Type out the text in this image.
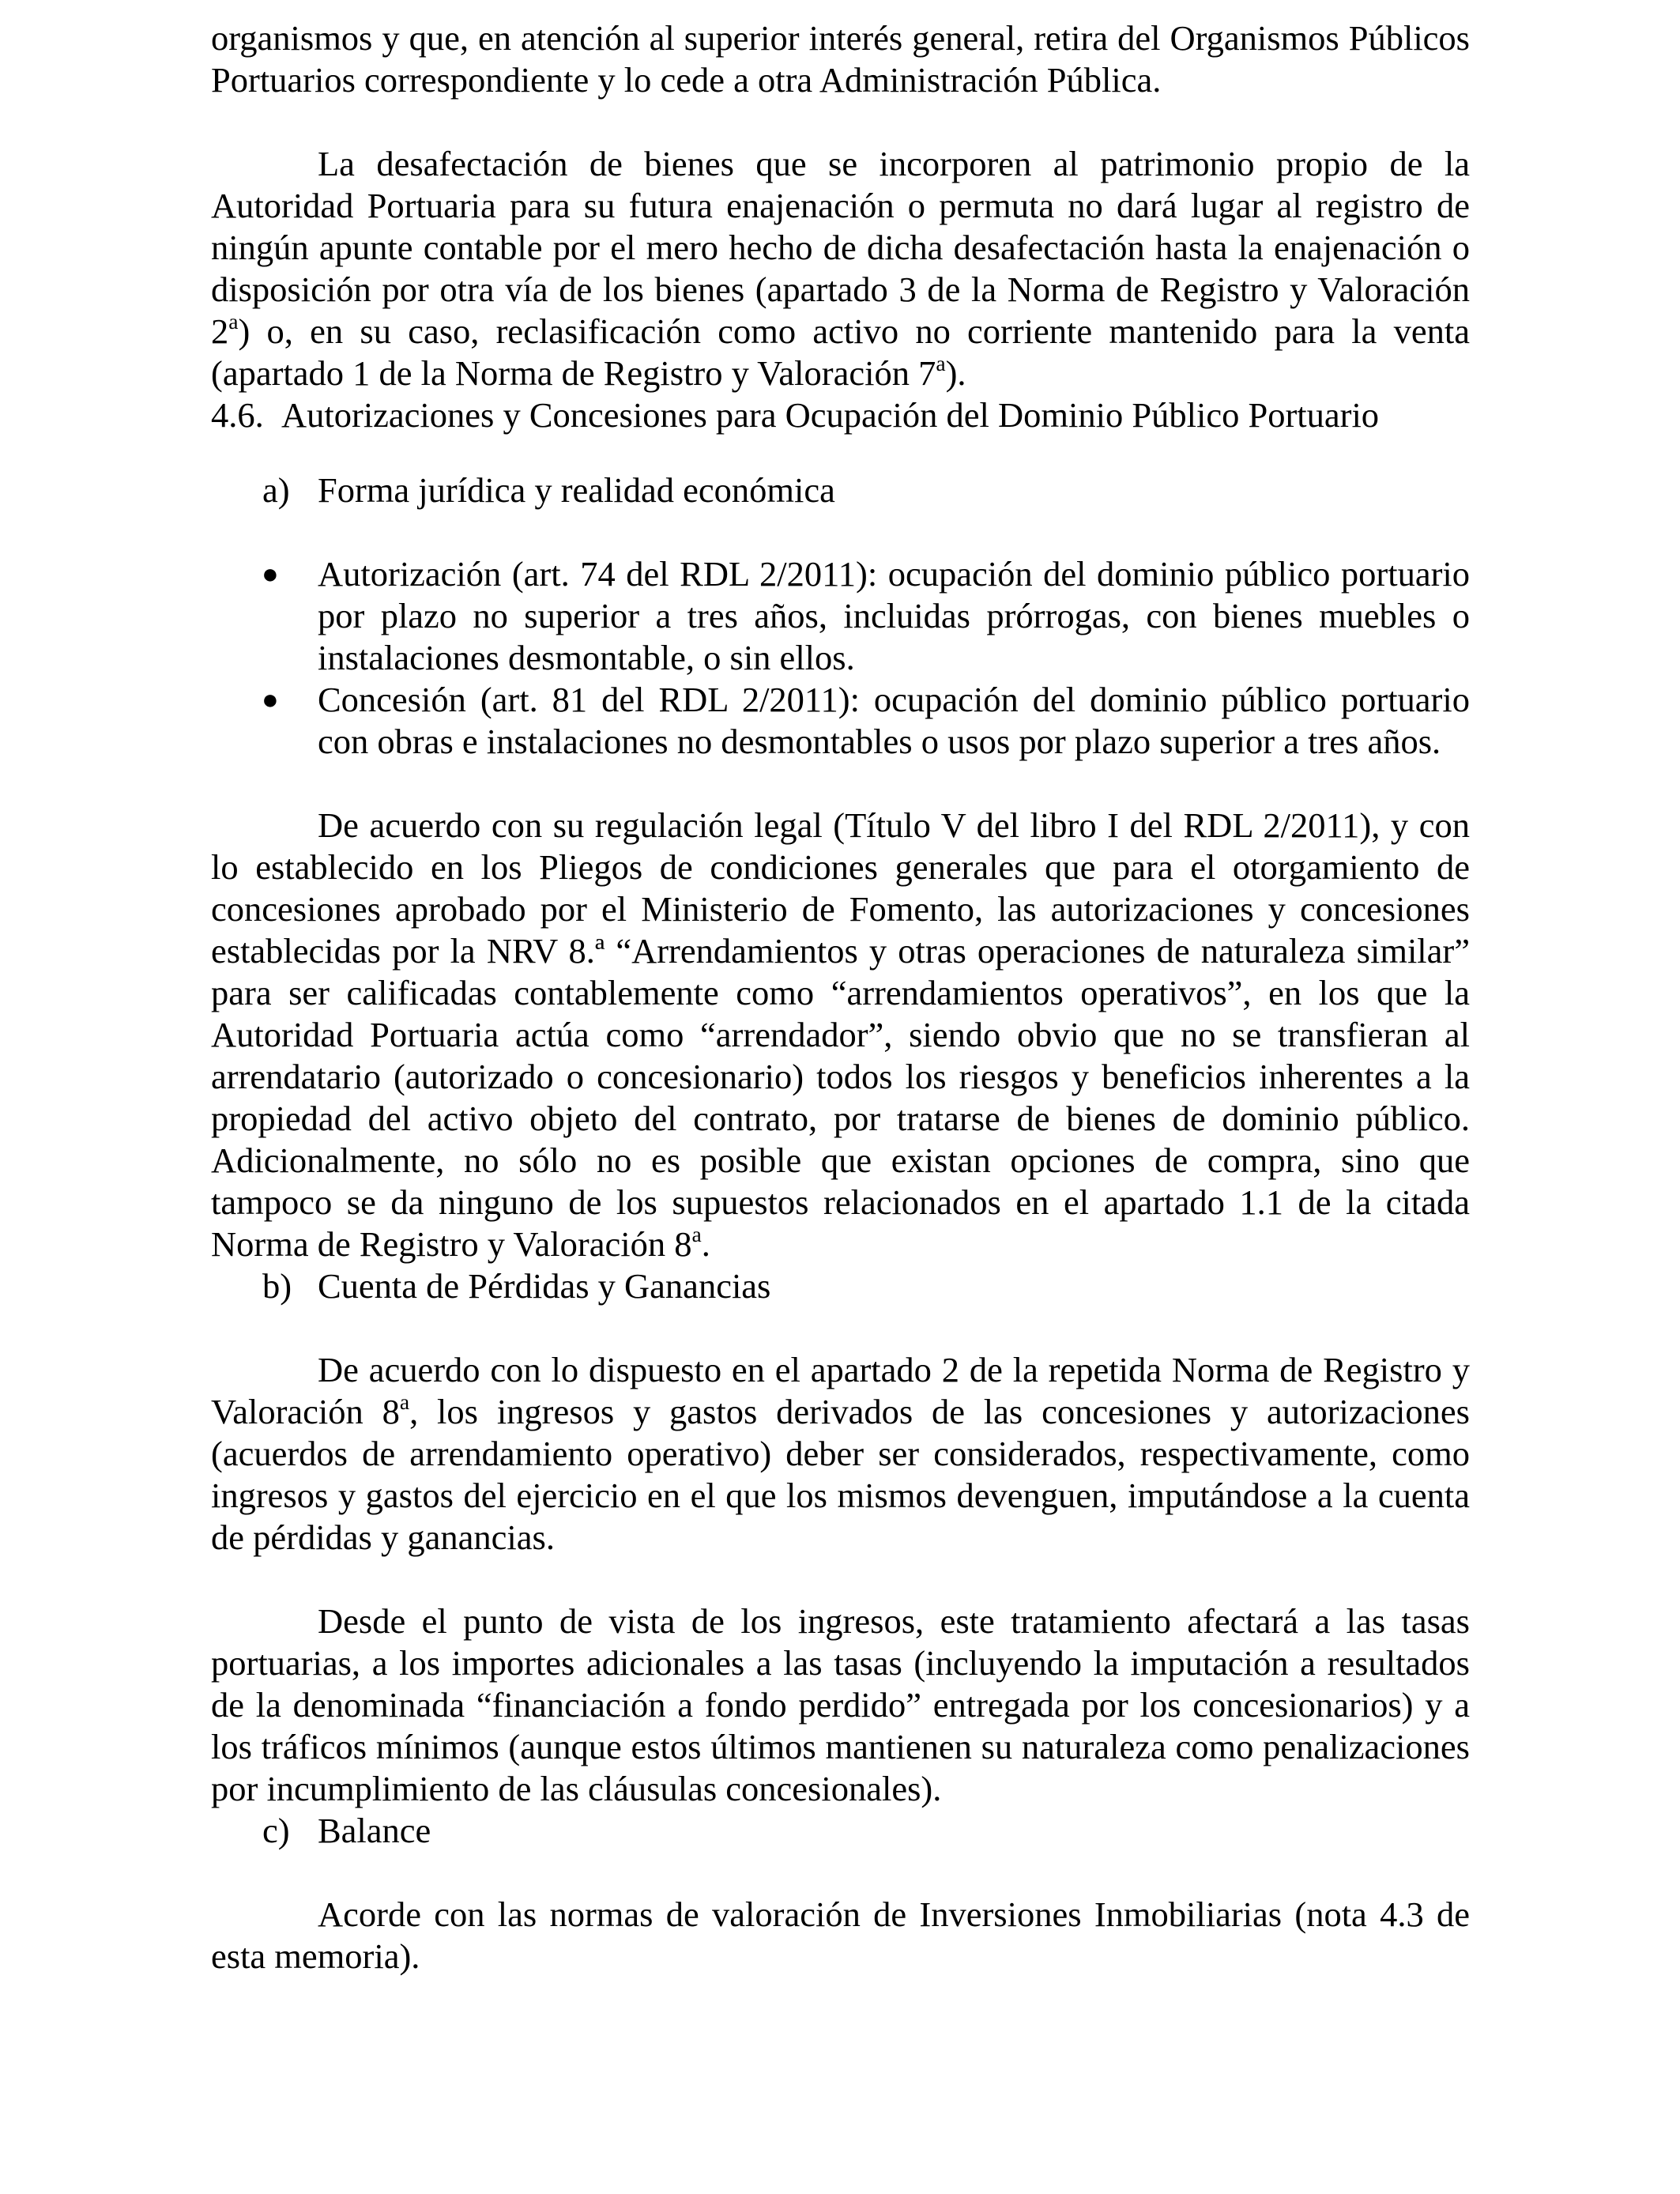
organismos y que, en atención al superior interés general, retira del Organismos Públicos Portuarios correspondiente y lo cede a otra Administración Pública.

La desafectación de bienes que se incorporen al patrimonio propio de la Autoridad Portuaria para su futura enajenación o permuta no dará lugar al registro de ningún apunte contable por el mero hecho de dicha desafectación hasta la enajenación o disposición por otra vía de los bienes (apartado 3 de la Norma de Registro y Valoración 2$^a$) o, en su caso, reclasificación como activo no corriente mantenido para la venta (apartado 1 de la Norma de Registro y Valoración 7$^a$).

4.6. Autorizaciones y Concesiones para Ocupación del Dominio Público Portuario

a) Forma jurídica y realidad económica

● Autorización (art. 74 del RDL 2/2011): ocupación del dominio público portuario por plazo no superior a tres años, incluidas prórrogas, con bienes muebles o instalaciones desmontable, o sin ellos.
● Concesión (art. 81 del RDL 2/2011): ocupación del dominio público portuario con obras e instalaciones no desmontables o usos por plazo superior a tres años.

De acuerdo con su regulación legal (Título V del libro I del RDL 2/2011), y con lo establecido en los Pliegos de condiciones generales que para el otorgamiento de concesiones aprobado por el Ministerio de Fomento, las autorizaciones y concesiones establecidas por la NRV 8.ª “Arrendamientos y otras operaciones de naturaleza similar” para ser calificadas contablemente como “arrendamientos operativos”, en los que la Autoridad Portuaria actúa como “arrendador”, siendo obvio que no se transfieran al arrendatario (autorizado o concesionario) todos los riesgos y beneficios inherentes a la propiedad del activo objeto del contrato, por tratarse de bienes de dominio público. Adicionalmente, no sólo no es posible que existan opciones de compra, sino que tampoco se da ninguno de los supuestos relacionados en el apartado 1.1 de la citada Norma de Registro y Valoración 8$^a$.

b) Cuenta de Pérdidas y Ganancias

De acuerdo con lo dispuesto en el apartado 2 de la repetida Norma de Registro y Valoración 8$^a$, los ingresos y gastos derivados de las concesiones y autorizaciones (acuerdos de arrendamiento operativo) deber ser considerados, respectivamente, como ingresos y gastos del ejercicio en el que los mismos devenguen, imputándose a la cuenta de pérdidas y ganancias.

Desde el punto de vista de los ingresos, este tratamiento afectará a las tasas portuarias, a los importes adicionales a las tasas (incluyendo la imputación a resultados de la denominada “financiación a fondo perdido” entregada por los concesionarios) y a los tráficos mínimos (aunque estos últimos mantienen su naturaleza como penalizaciones por incumplimiento de las cláusulas concesionales).

c) Balance

Acorde con las normas de valoración de Inversiones Inmobiliarias (nota 4.3 de esta memoria).
